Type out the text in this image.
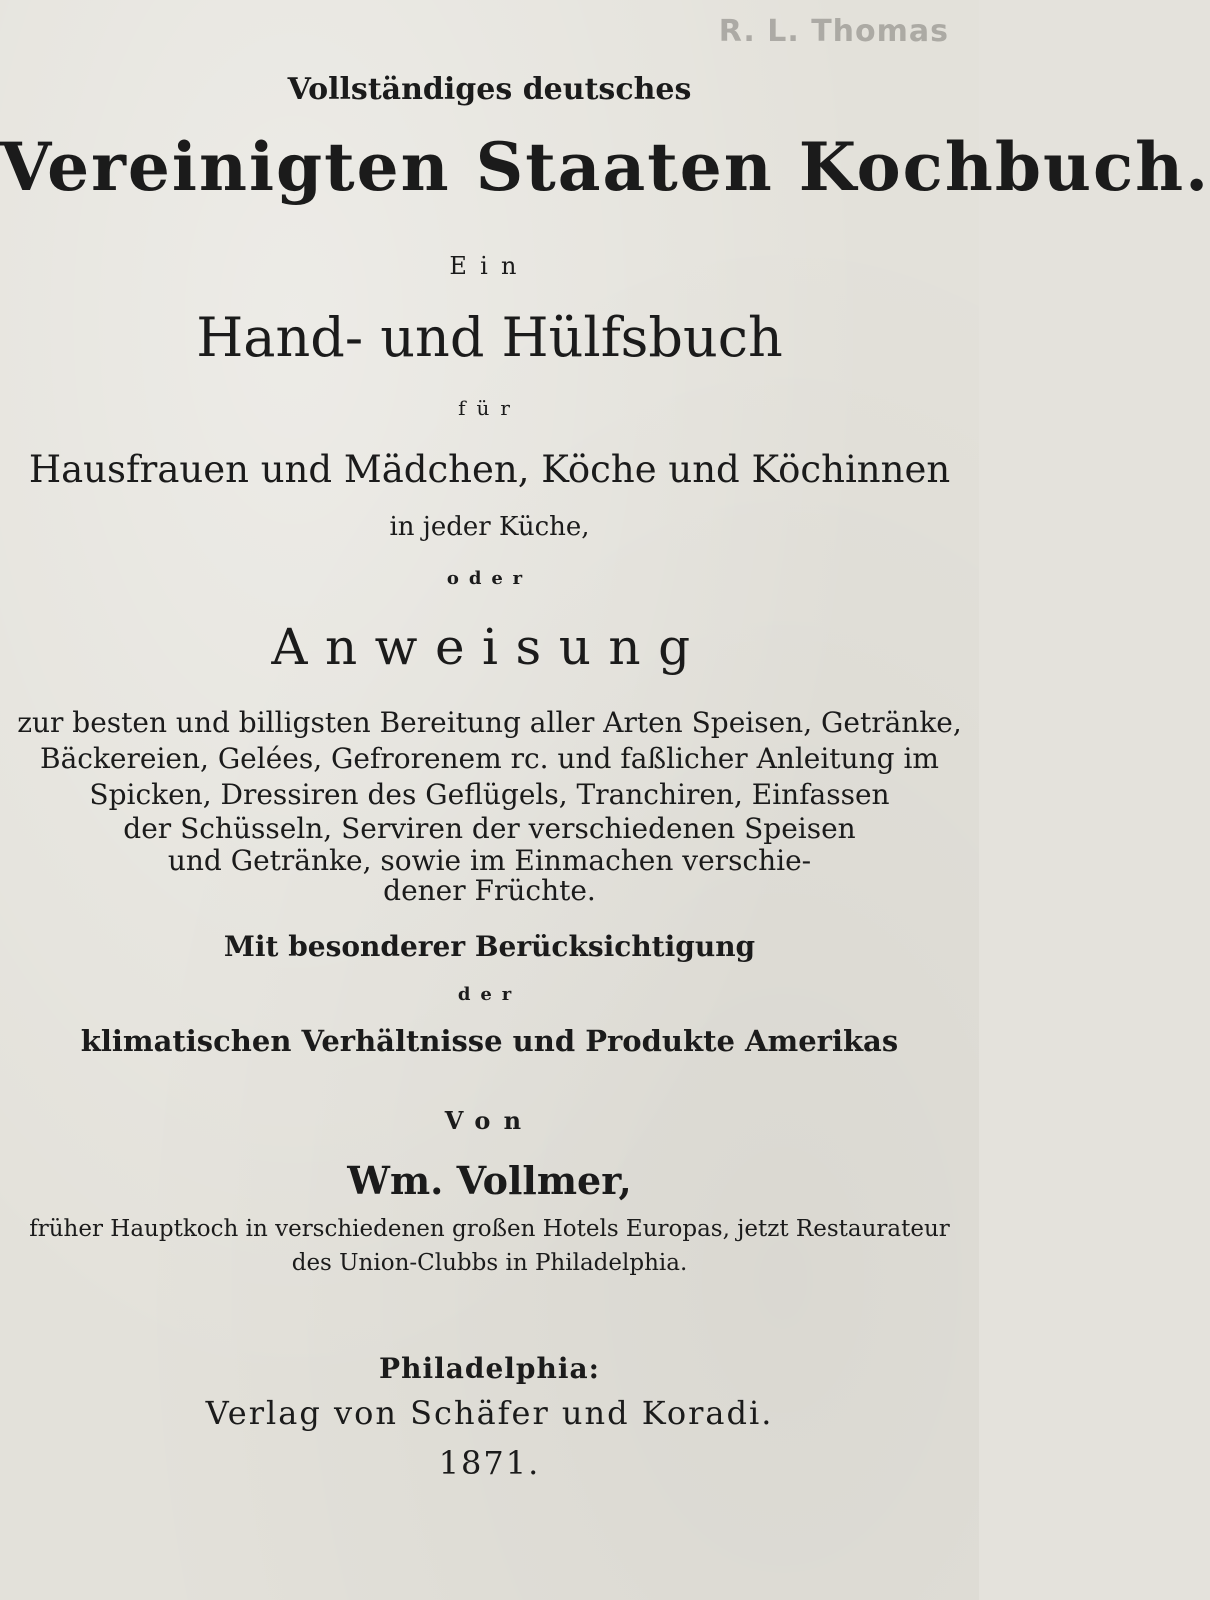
R. L. Thomas
Vollständiges deutsches
Vereinigten Staaten Kochbuch.
Ein
Hand- und Hülfsbuch
für
Hausfrauen und Mädchen, Köche und Köchinnen
in jeder Küche,
oder
Anweisung
zur besten und billigsten Bereitung aller Arten Speisen, Getränke,
Bäckereien, Gelées, Gefrorenem rc. und faßlicher Anleitung im
Spicken, Dressiren des Geflügels, Tranchiren, Einfassen
der Schüsseln, Serviren der verschiedenen Speisen
und Getränke, sowie im Einmachen verschie-
dener Früchte.
Mit besonderer Berücksichtigung
der
klimatischen Verhältnisse und Produkte Amerikas
Von
Wm. Vollmer,
früher Hauptkoch in verschiedenen großen Hotels Europas, jetzt Restaurateur
des Union-Clubbs in Philadelphia.
Philadelphia:
Verlag von Schäfer und Koradi.
1871.
